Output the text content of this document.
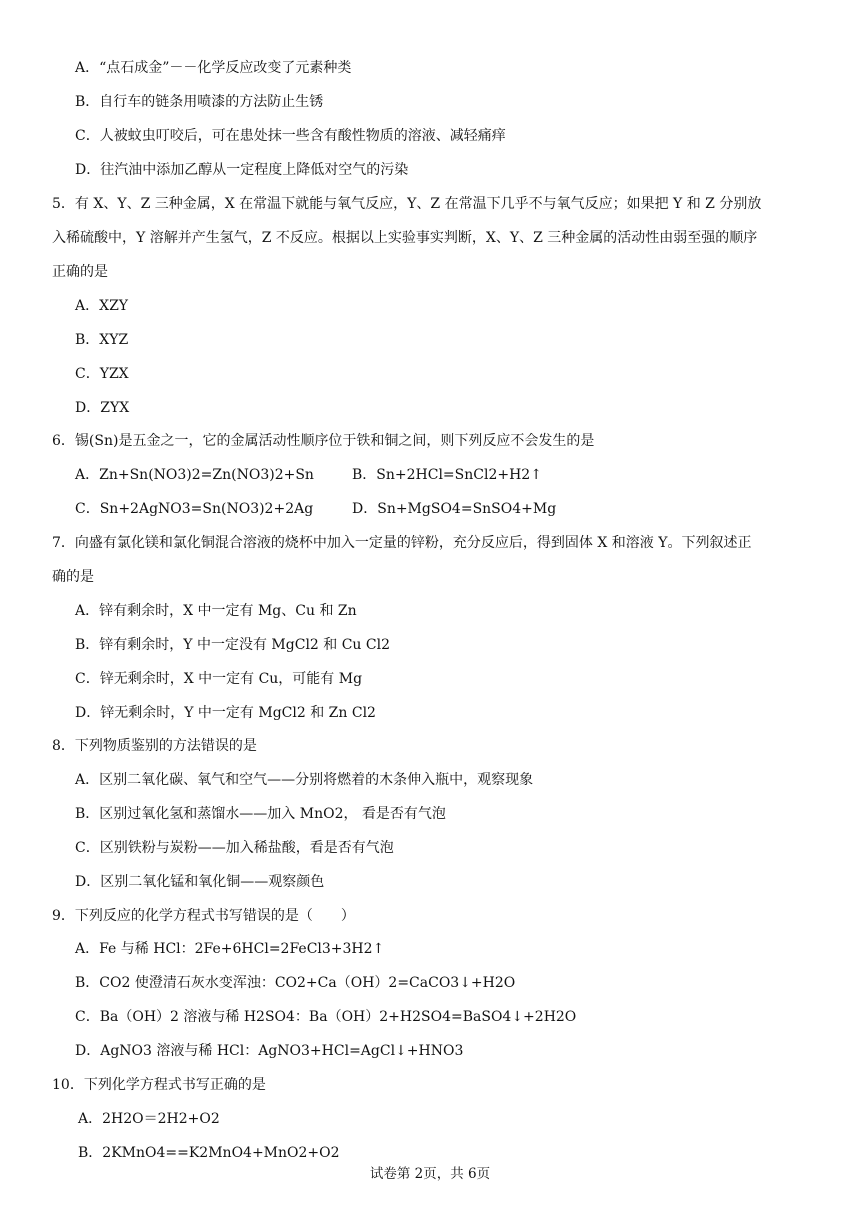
A．“点石成金”－－化学反应改变了元素种类
B．自行车的链条用喷漆的方法防止生锈
C．人被蚊虫叮咬后，可在患处抹一些含有酸性物质的溶液、减轻痛痒
D．往汽油中添加乙醇从一定程度上降低对空气的污染
5．有 X、Y、Z 三种金属，X 在常温下就能与氧气反应，Y、Z 在常温下几乎不与氧气反应；如果把 Y 和 Z 分别放
入稀硫酸中，Y 溶解并产生氢气，Z 不反应。根据以上实验事实判断，X、Y、Z 三种金属的活动性由弱至强的顺序
正确的是
A．XZY
B．XYZ
C．YZX
D．ZYX
6．锡(Sn)是五金之一，它的金属活动性顺序位于铁和铜之间，则下列反应不会发生的是
A．Zn+Sn(NO3)2=Zn(NO3)2+Sn	B．Sn+2HCl=SnCl2+H2↑
C．Sn+2AgNO3=Sn(NO3)2+2Ag	D．Sn+MgSO4=SnSO4+Mg
7．向盛有氯化镁和氯化铜混合溶液的烧杯中加入一定量的锌粉，充分反应后，得到固体 X 和溶液 Y。下列叙述正
确的是
A．锌有剩余时，X 中一定有 Mg、Cu 和 Zn
B．锌有剩余时，Y 中一定没有 MgCl2 和 Cu Cl2
C．锌无剩余时，X 中一定有 Cu，可能有 Mg
D．锌无剩余时，Y 中一定有 MgCl2 和 Zn Cl2
8．下列物质鉴别的方法错误的是
A．区别二氧化碳、氧气和空气——分别将燃着的木条伸入瓶中，观察现象
B．区别过氧化氢和蒸馏水——加入 MnO2， 看是否有气泡
C．区别铁粉与炭粉——加入稀盐酸，看是否有气泡
D．区别二氧化锰和氧化铜——观察颜色
9．下列反应的化学方程式书写错误的是（　　）
A．Fe 与稀 HCl：2Fe+6HCl=2FeCl3+3H2↑
B．CO2 使澄清石灰水变浑浊：CO2+Ca（OH）2=CaCO3↓+H2O
C．Ba（OH）2 溶液与稀 H2SO4：Ba（OH）2+H2SO4=BaSO4↓+2H2O
D．AgNO3 溶液与稀 HCl：AgNO3+HCl=AgCl↓+HNO3
10．下列化学方程式书写正确的是
A．2H2O＝2H2+O2
B．2KMnO4==K2MnO4+MnO2+O2
试卷第 2页，共 6页
